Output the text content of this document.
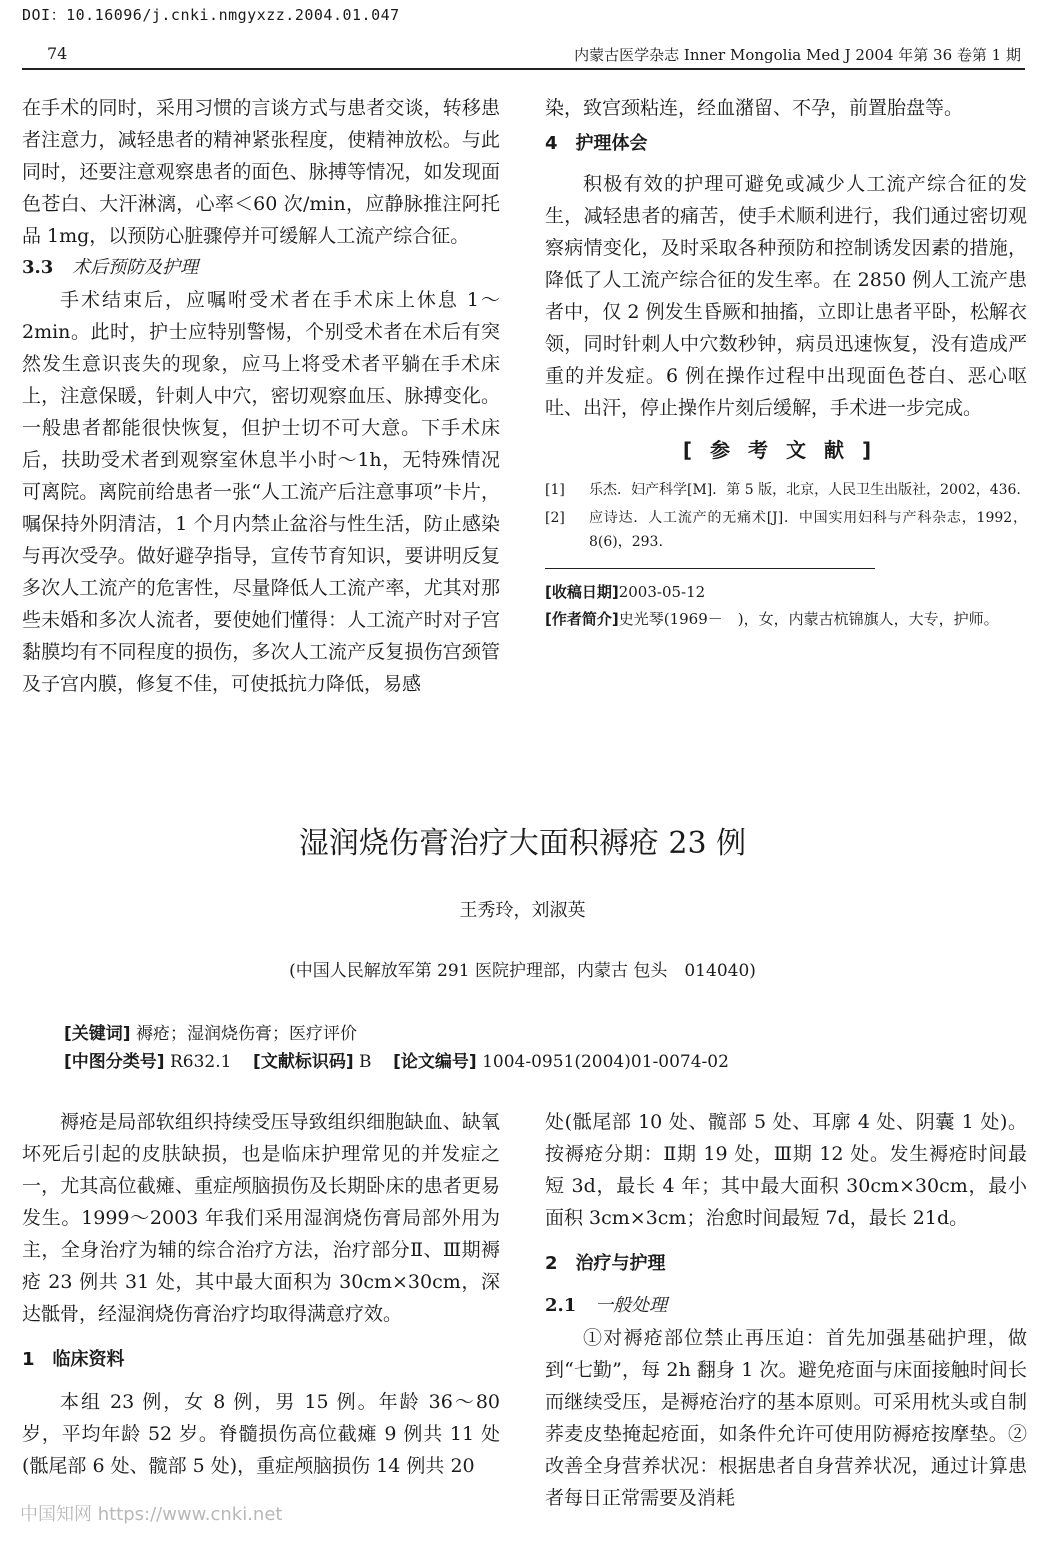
DOI：10.16096/j.cnki.nmgyxzz.2004.01.047
74	内蒙古医学杂志 Inner Mongolia Med J 2004 年第 36 卷第 1 期

在手术的同时，采用习惯的言谈方式与患者交谈，转移患者注意力，减轻患者的精神紧张程度，使精神放松。与此同时，还要注意观察患者的面色、脉搏等情况，如发现面色苍白、大汗淋漓，心率＜60 次/min，应静脉推注阿托品 1mg，以预防心脏骤停并可缓解人工流产综合征。

3.3 术后预防及护理

手术结束后，应嘱咐受术者在手术床上休息 1～2min。此时，护士应特别警惕，个别受术者在术后有突然发生意识丧失的现象，应马上将受术者平躺在手术床上，注意保暖，针刺人中穴，密切观察血压、脉搏变化。一般患者都能很快恢复，但护士切不可大意。下手术床后，扶助受术者到观察室休息半小时～1h，无特殊情况可离院。离院前给患者一张“人工流产后注意事项”卡片，嘱保持外阴清洁，1 个月内禁止盆浴与性生活，防止感染与再次受孕。做好避孕指导，宣传节育知识，要讲明反复多次人工流产的危害性，尽量降低人工流产率，尤其对那些未婚和多次人流者，要使她们懂得：人工流产时对子宫黏膜均有不同程度的损伤，多次人工流产反复损伤宫颈管及子宫内膜，修复不佳，可使抵抗力降低，易感

染，致宫颈粘连，经血潴留、不孕，前置胎盘等。

4　护理体会

积极有效的护理可避免或减少人工流产综合征的发生，减轻患者的痛苦，使手术顺利进行，我们通过密切观察病情变化，及时采取各种预防和控制诱发因素的措施，降低了人工流产综合征的发生率。在 2850 例人工流产患者中，仅 2 例发生昏厥和抽搐，立即让患者平卧，松解衣领，同时针刺人中穴数秒钟，病员迅速恢复，没有造成严重的并发症。6 例在操作过程中出现面色苍白、恶心呕吐、出汗，停止操作片刻后缓解，手术进一步完成。

[参考文献]
[1]	乐杰．妇产科学[M]．第 5 版，北京，人民卫生出版社，2002，436.
[2]	应诗达．人工流产的无痛术[J]．中国实用妇科与产科杂志，1992，8(6)，293.
[收稿日期] 2003-05-12
[作者简介] 史光琴(1969－　)，女，内蒙古杭锦旗人，大专，护师。
湿润烧伤膏治疗大面积褥疮 23 例
王秀玲，刘淑英
(中国人民解放军第 291 医院护理部，内蒙古 包头　014040)
[关键词] 褥疮；湿润烧伤膏；医疗评价
[中图分类号] R632.1 [文献标识码] B [论文编号] 1004-0951(2004)01-0074-02

褥疮是局部软组织持续受压导致组织细胞缺血、缺氧坏死后引起的皮肤缺损，也是临床护理常见的并发症之一，尤其高位截瘫、重症颅脑损伤及长期卧床的患者更易发生。1999～2003 年我们采用湿润烧伤膏局部外用为主，全身治疗为辅的综合治疗方法，治疗部分Ⅱ、Ⅲ期褥疮 23 例共 31 处，其中最大面积为 30cm×30cm，深达骶骨，经湿润烧伤膏治疗均取得满意疗效。

1　临床资料

本组 23 例，女 8 例，男 15 例。年龄 36～80 岁，平均年龄 52 岁。脊髓损伤高位截瘫 9 例共 11 处(骶尾部 6 处、髋部 5 处)，重症颅脑损伤 14 例共 20

处(骶尾部 10 处、髋部 5 处、耳廓 4 处、阴囊 1 处)。按褥疮分期：Ⅱ期 19 处，Ⅲ期 12 处。发生褥疮时间最短 3d，最长 4 年；其中最大面积 30cm×30cm，最小面积 3cm×3cm；治愈时间最短 7d，最长 21d。

2　治疗与护理
2.1 一般处理

①对褥疮部位禁止再压迫：首先加强基础护理，做到“七勤”，每 2h 翻身 1 次。避免疮面与床面接触时间长而继续受压，是褥疮治疗的基本原则。可采用枕头或自制荞麦皮垫掩起疮面，如条件允许可使用防褥疮按摩垫。②改善全身营养状况：根据患者自身营养状况，通过计算患者每日正常需要及消耗

中国知网 https://www.cnki.net
